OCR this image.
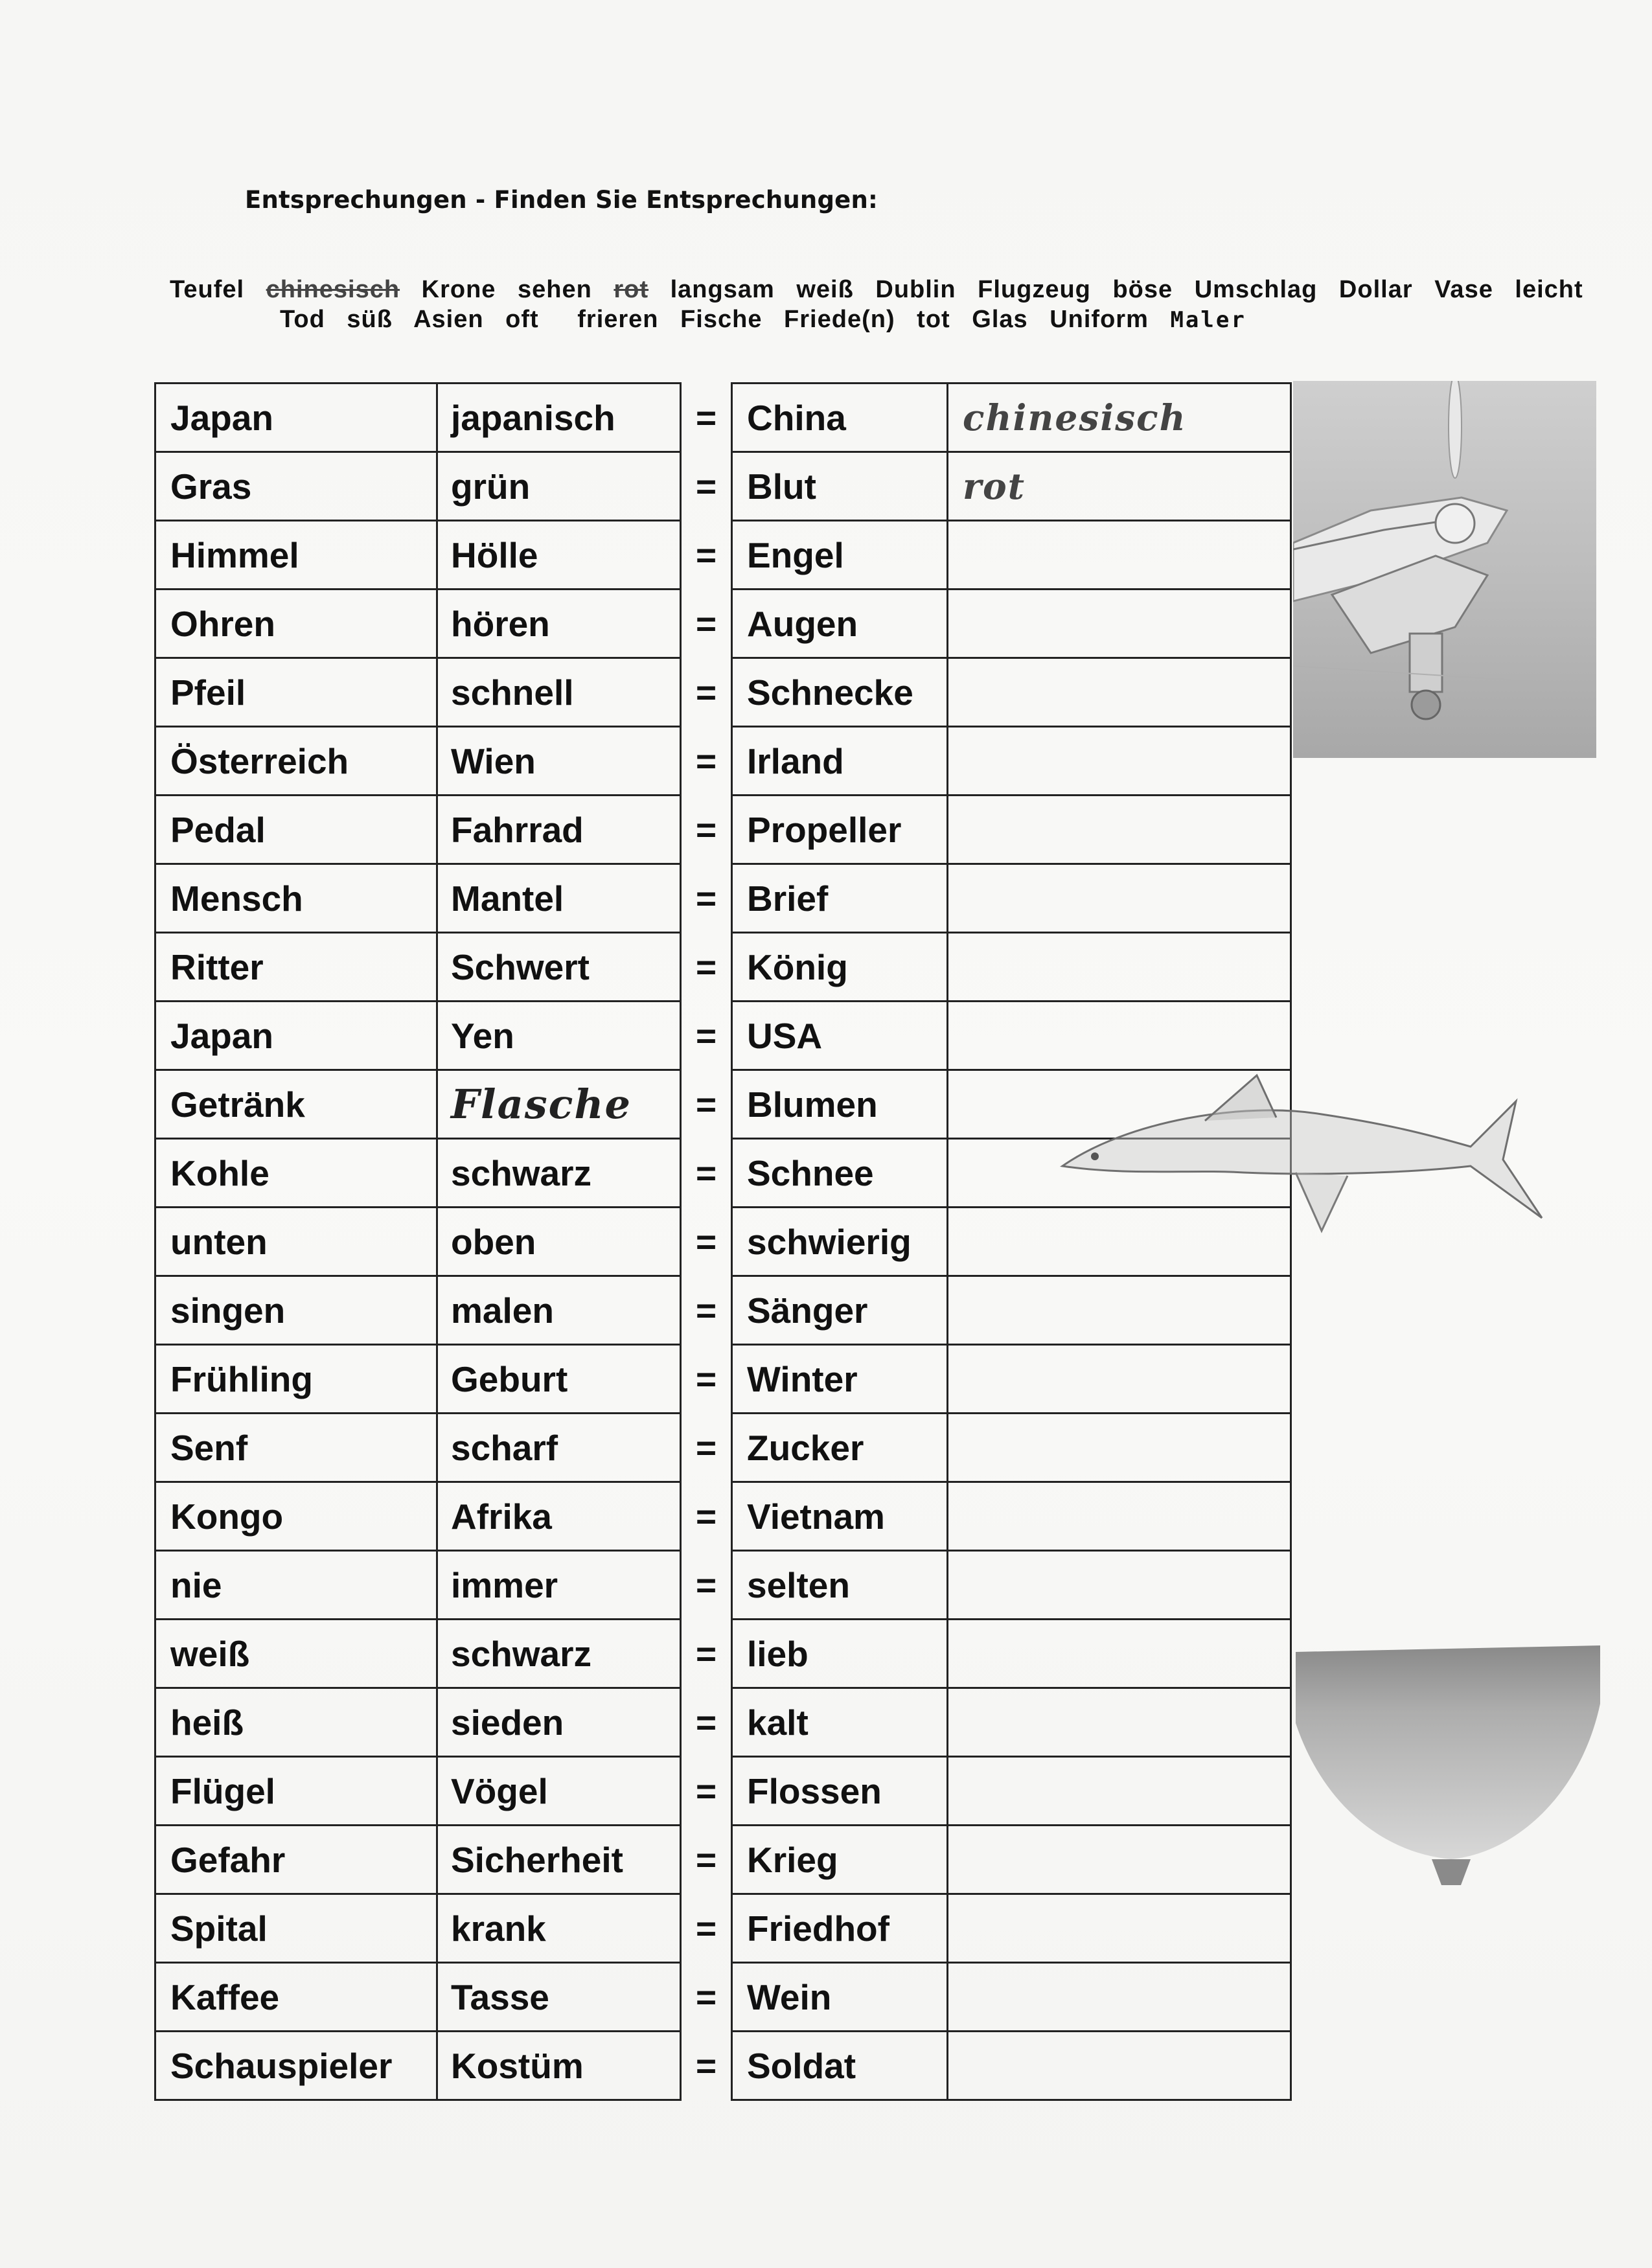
Entsprechungen - Finden Sie Entsprechungen:
Teufel chinesisch Krone sehen rot langsam weiß Dublin Flugzeug böse Umschlag Dollar Vase leicht
Tod süß Asien oft frieren Fische Friede(n) tot Glas Uniform Maler
Japan	japanisch	=	China	chinesisch
Gras	grün	=	Blut	rot
Himmel	Hölle	=	Engel	
Ohren	hören	=	Augen	
Pfeil	schnell	=	Schnecke	
Österreich	Wien	=	Irland	
Pedal	Fahrrad	=	Propeller	
Mensch	Mantel	=	Brief	
Ritter	Schwert	=	König	
Japan	Yen	=	USA	
Getränk	Flasche	=	Blumen	
Kohle	schwarz	=	Schnee	
unten	oben	=	schwierig	
singen	malen	=	Sänger	
Frühling	Geburt	=	Winter	
Senf	scharf	=	Zucker	
Kongo	Afrika	=	Vietnam	
nie	immer	=	selten	
weiß	schwarz	=	lieb	
heiß	sieden	=	kalt	
Flügel	Vögel	=	Flossen	
Gefahr	Sicherheit	=	Krieg	
Spital	krank	=	Friedhof	
Kaffee	Tasse	=	Wein	
Schauspieler	Kostüm	=	Soldat	
